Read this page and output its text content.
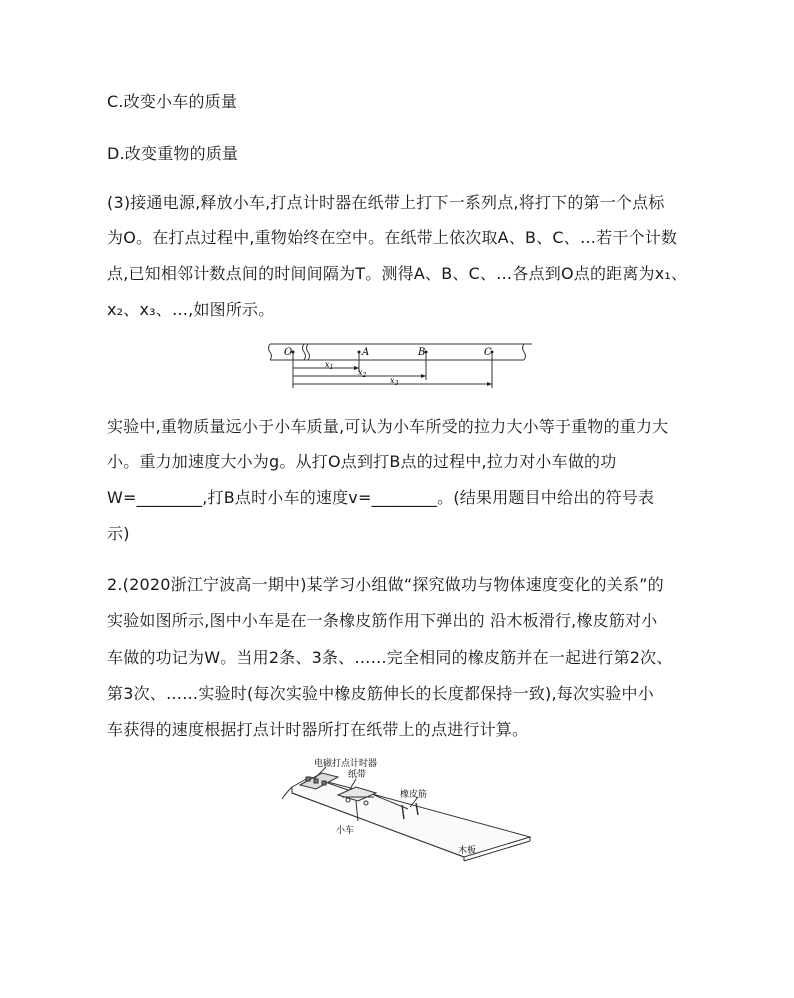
C.改变小车的质量
D.改变重物的质量
(3)接通电源,释放小车,打点计时器在纸带上打下一系列点,将打下的第一个点标
为O。在打点过程中,重物始终在空中。在纸带上依次取A、B、C、…若干个计数
点,已知相邻计数点间的时间间隔为T。测得A、B、C、…各点到O点的距离为x₁、
x₂、x₃、…,如图所示。
O	A	B	C
$x_1$
$x_2$
$x_3$
实验中,重物质量远小于小车质量,可认为小车所受的拉力大小等于重物的重力大
小。重力加速度大小为g。从打O点到打B点的过程中,拉力对小车做的功
W=________,打B点时小车的速度v=________。(结果用题目中给出的符号表
示)
2.(2020浙江宁波高一期中)某学习小组做“探究做功与物体速度变化的关系”的
实验如图所示,图中小车是在一条橡皮筋作用下弹出的 沿木板滑行,橡皮筋对小
车做的功记为W。当用2条、3条、……完全相同的橡皮筋并在一起进行第2次、
第3次、……实验时(每次实验中橡皮筋伸长的长度都保持一致),每次实验中小
车获得的速度根据打点计时器所打在纸带上的点进行计算。
电磁打点计时器
纸带
橡皮筋
小车
木板
